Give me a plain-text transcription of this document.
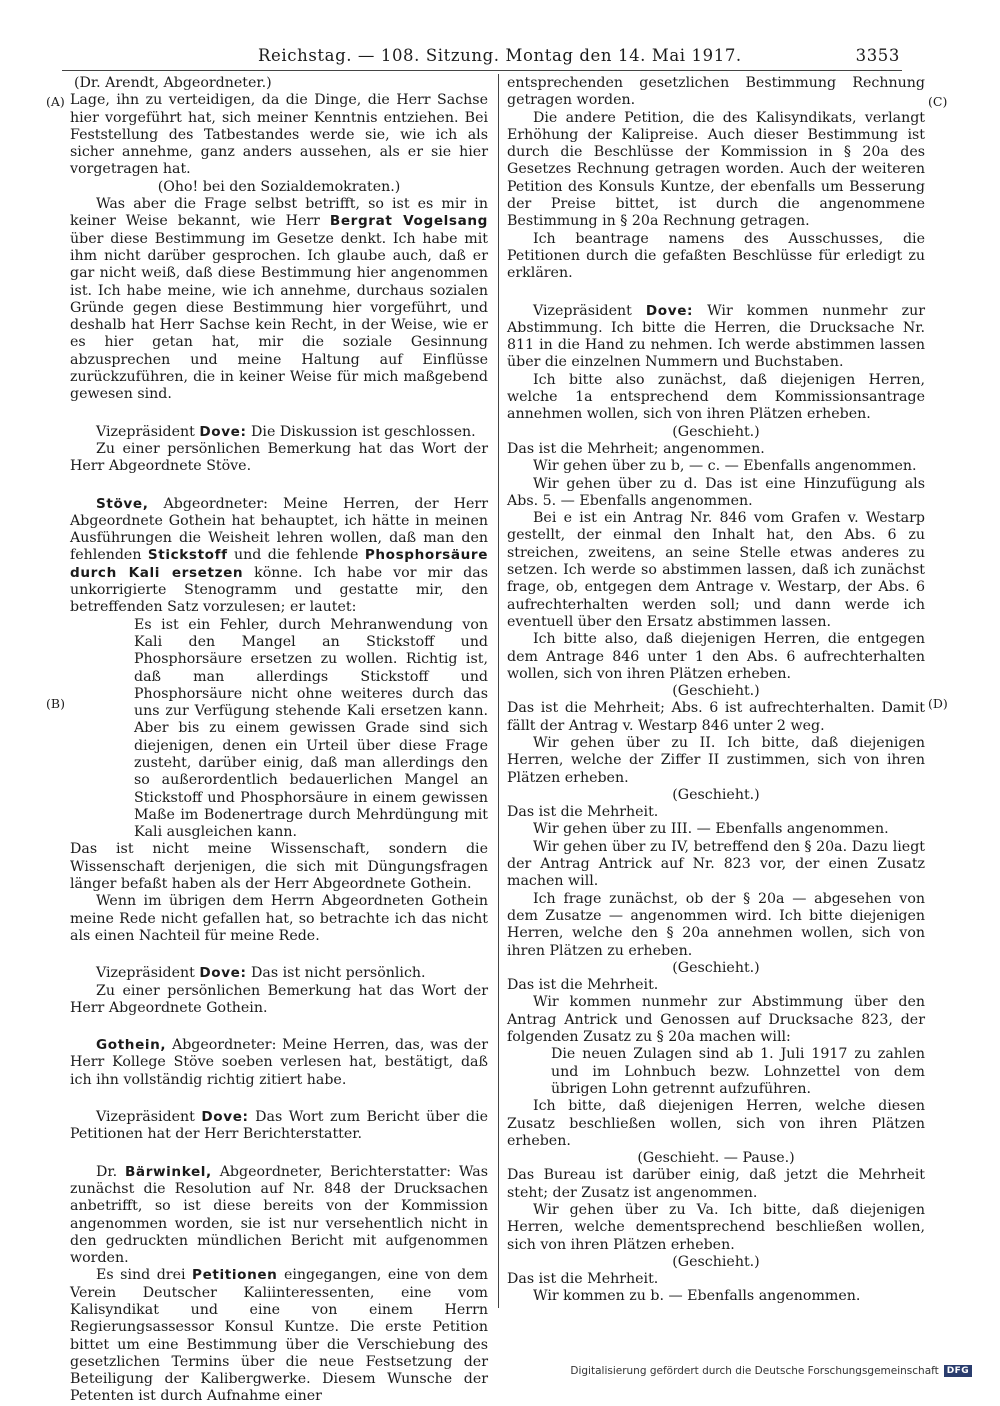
Reichstag. — 108. Sitzung. Montag den 14. Mai 1917.	3353
(A)
(B)
(C)
(D)

(Dr. Arendt, Abgeordneter.)

Lage, ihn zu verteidigen, da die Dinge, die Herr Sachse hier vorgeführt hat, sich meiner Kenntnis entziehen. Bei Feststellung des Tatbestandes werde sie, wie ich als sicher annehme, ganz anders aussehen, als er sie hier vorgetragen hat.

(Oho! bei den Sozialdemokraten.)

Was aber die Frage selbst betrifft, so ist es mir in keiner Weise bekannt, wie Herr Bergrat Vogelsang über diese Bestimmung im Gesetze denkt. Ich habe mit ihm nicht darüber gesprochen. Ich glaube auch, daß er gar nicht weiß, daß diese Bestimmung hier angenommen ist. Ich habe meine, wie ich annehme, durchaus sozialen Gründe gegen diese Bestimmung hier vorgeführt, und deshalb hat Herr Sachse kein Recht, in der Weise, wie er es hier getan hat, mir die soziale Gesinnung abzusprechen und meine Haltung auf Einflüsse zurückzuführen, die in keiner Weise für mich maßgebend gewesen sind.

Vizepräsident Dove: Die Diskussion ist geschlossen.

Zu einer persönlichen Bemerkung hat das Wort der Herr Abgeordnete Stöve.

Stöve, Abgeordneter: Meine Herren, der Herr Abgeordnete Gothein hat behauptet, ich hätte in meinen Ausführungen die Weisheit lehren wollen, daß man den fehlenden Stickstoff und die fehlende Phosphorsäure durch Kali ersetzen könne. Ich habe vor mir das unkorrigierte Stenogramm und gestatte mir, den betreffenden Satz vorzulesen; er lautet:

Es ist ein Fehler, durch Mehranwendung von Kali den Mangel an Stickstoff und Phosphorsäure ersetzen zu wollen. Richtig ist, daß man allerdings Stickstoff und Phosphorsäure nicht ohne weiteres durch das uns zur Verfügung stehende Kali ersetzen kann. Aber bis zu einem gewissen Grade sind sich diejenigen, denen ein Urteil über diese Frage zusteht, darüber einig, daß man allerdings den so außerordentlich bedauerlichen Mangel an Stickstoff und Phosphorsäure in einem gewissen Maße im Bodenertrage durch Mehrdüngung mit Kali ausgleichen kann.

Das ist nicht meine Wissenschaft, sondern die Wissenschaft derjenigen, die sich mit Düngungsfragen länger befaßt haben als der Herr Abgeordnete Gothein.

Wenn im übrigen dem Herrn Abgeordneten Gothein meine Rede nicht gefallen hat, so betrachte ich das nicht als einen Nachteil für meine Rede.

Vizepräsident Dove: Das ist nicht persönlich.

Zu einer persönlichen Bemerkung hat das Wort der Herr Abgeordnete Gothein.

Gothein, Abgeordneter: Meine Herren, das, was der Herr Kollege Stöve soeben verlesen hat, bestätigt, daß ich ihn vollständig richtig zitiert habe.

Vizepräsident Dove: Das Wort zum Bericht über die Petitionen hat der Herr Berichterstatter.

Dr. Bärwinkel, Abgeordneter, Berichterstatter: Was zunächst die Resolution auf Nr. 848 der Drucksachen anbetrifft, so ist diese bereits von der Kommission angenommen worden, sie ist nur versehentlich nicht in den gedruckten mündlichen Bericht mit aufgenommen worden.

Es sind drei Petitionen eingegangen, eine von dem Verein Deutscher Kaliinteressenten, eine vom Kalisyndikat und eine von einem Herrn Regierungsassessor Konsul Kuntze. Die erste Petition bittet um eine Bestimmung über die Verschiebung des gesetzlichen Termins über die neue Festsetzung der Beteiligung der Kalibergwerke. Diesem Wunsche der Petenten ist durch Aufnahme einer

entsprechenden gesetzlichen Bestimmung Rechnung getragen worden.

Die andere Petition, die des Kalisyndikats, verlangt Erhöhung der Kalipreise. Auch dieser Bestimmung ist durch die Beschlüsse der Kommission in § 20a des Gesetzes Rechnung getragen worden. Auch der weiteren Petition des Konsuls Kuntze, der ebenfalls um Besserung der Preise bittet, ist durch die angenommene Bestimmung in § 20a Rechnung getragen.

Ich beantrage namens des Ausschusses, die Petitionen durch die gefaßten Beschlüsse für erledigt zu erklären.

Vizepräsident Dove: Wir kommen nunmehr zur Abstimmung. Ich bitte die Herren, die Drucksache Nr. 811 in die Hand zu nehmen. Ich werde abstimmen lassen über die einzelnen Nummern und Buchstaben.

Ich bitte also zunächst, daß diejenigen Herren, welche 1a entsprechend dem Kommissionsantrage annehmen wollen, sich von ihren Plätzen erheben.

(Geschieht.)

Das ist die Mehrheit; angenommen.

Wir gehen über zu b, — c. — Ebenfalls angenommen.

Wir gehen über zu d. Das ist eine Hinzufügung als Abs. 5. — Ebenfalls angenommen.

Bei e ist ein Antrag Nr. 846 vom Grafen v. Westarp gestellt, der einmal den Inhalt hat, den Abs. 6 zu streichen, zweitens, an seine Stelle etwas anderes zu setzen. Ich werde so abstimmen lassen, daß ich zunächst frage, ob, entgegen dem Antrage v. Westarp, der Abs. 6 aufrechterhalten werden soll; und dann werde ich eventuell über den Ersatz abstimmen lassen.

Ich bitte also, daß diejenigen Herren, die entgegen dem Antrage 846 unter 1 den Abs. 6 aufrechterhalten wollen, sich von ihren Plätzen erheben.

(Geschieht.)

Das ist die Mehrheit; Abs. 6 ist aufrechterhalten. Damit fällt der Antrag v. Westarp 846 unter 2 weg.

Wir gehen über zu II. Ich bitte, daß diejenigen Herren, welche der Ziffer II zustimmen, sich von ihren Plätzen erheben.

(Geschieht.)

Das ist die Mehrheit.

Wir gehen über zu III. — Ebenfalls angenommen.

Wir gehen über zu IV, betreffend den § 20a. Dazu liegt der Antrag Antrick auf Nr. 823 vor, der einen Zusatz machen will.

Ich frage zunächst, ob der § 20a — abgesehen von dem Zusatze — angenommen wird. Ich bitte diejenigen Herren, welche den § 20a annehmen wollen, sich von ihren Plätzen zu erheben.

(Geschieht.)

Das ist die Mehrheit.

Wir kommen nunmehr zur Abstimmung über den Antrag Antrick und Genossen auf Drucksache 823, der folgenden Zusatz zu § 20a machen will:

Die neuen Zulagen sind ab 1. Juli 1917 zu zahlen und im Lohnbuch bezw. Lohnzettel von dem übrigen Lohn getrennt aufzuführen.

Ich bitte, daß diejenigen Herren, welche diesen Zusatz beschließen wollen, sich von ihren Plätzen erheben.

(Geschieht. — Pause.)

Das Bureau ist darüber einig, daß jetzt die Mehrheit steht; der Zusatz ist angenommen.

Wir gehen über zu Va. Ich bitte, daß diejenigen Herren, welche dementsprechend beschließen wollen, sich von ihren Plätzen erheben.

(Geschieht.)

Das ist die Mehrheit.

Wir kommen zu b. — Ebenfalls angenommen.

Digitalisierung gefördert durch die Deutsche Forschungsgemeinschaft DFG
